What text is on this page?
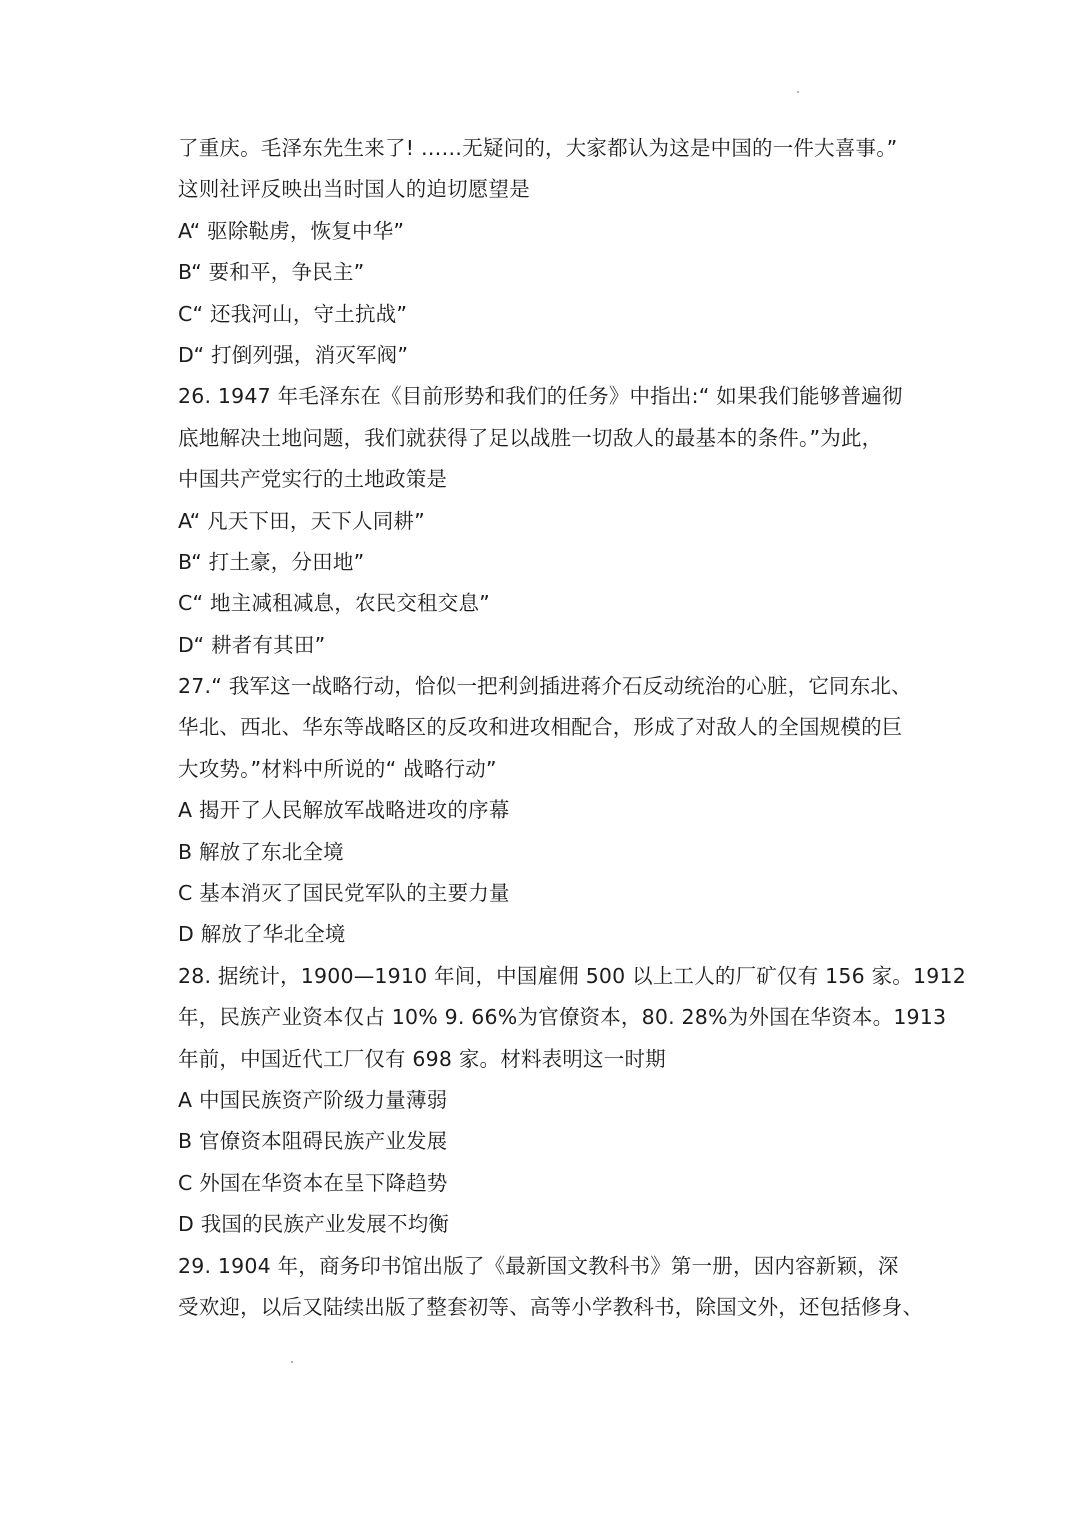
了重庆。毛泽东先生来了! ……无疑问的，大家都认为这是中国的一件大喜事。”
这则社评反映出当时国人的迫切愿望是
A“ 驱除鞑虏，恢复中华”
B“ 要和平，争民主”
C“ 还我河山，守土抗战”
D“ 打倒列强，消灭军阀”
26. 1947 年毛泽东在《目前形势和我们的任务》中指出:“ 如果我们能够普遍彻
底地解决土地问题，我们就获得了足以战胜一切敌人的最基本的条件。”为此，
中国共产党实行的土地政策是
A“ 凡天下田，天下人同耕”
B“ 打土豪，分田地”
C“ 地主减租减息，农民交租交息”
D“ 耕者有其田”
27.“ 我军这一战略行动，恰似一把利剑插进蒋介石反动统治的心脏，它同东北、
华北、西北、华东等战略区的反攻和进攻相配合，形成了对敌人的全国规模的巨
大攻势。”材料中所说的“ 战略行动”
A 揭开了人民解放军战略进攻的序幕
B 解放了东北全境
C 基本消灭了国民党军队的主要力量
D 解放了华北全境
28. 据统计，1900—1910 年间，中国雇佣 500 以上工人的厂矿仅有 156 家。1912
年，民族产业资本仅占 10% 9. 66%为官僚资本，80. 28%为外国在华资本。1913
年前，中国近代工厂仅有 698 家。材料表明这一时期
A 中国民族资产阶级力量薄弱
B 官僚资本阻碍民族产业发展
C 外国在华资本在呈下降趋势
D 我国的民族产业发展不均衡
29. 1904 年，商务印书馆出版了《最新国文教科书》第一册，因内容新颖，深
受欢迎，以后又陆续出版了整套初等、高等小学教科书，除国文外，还包括修身、
